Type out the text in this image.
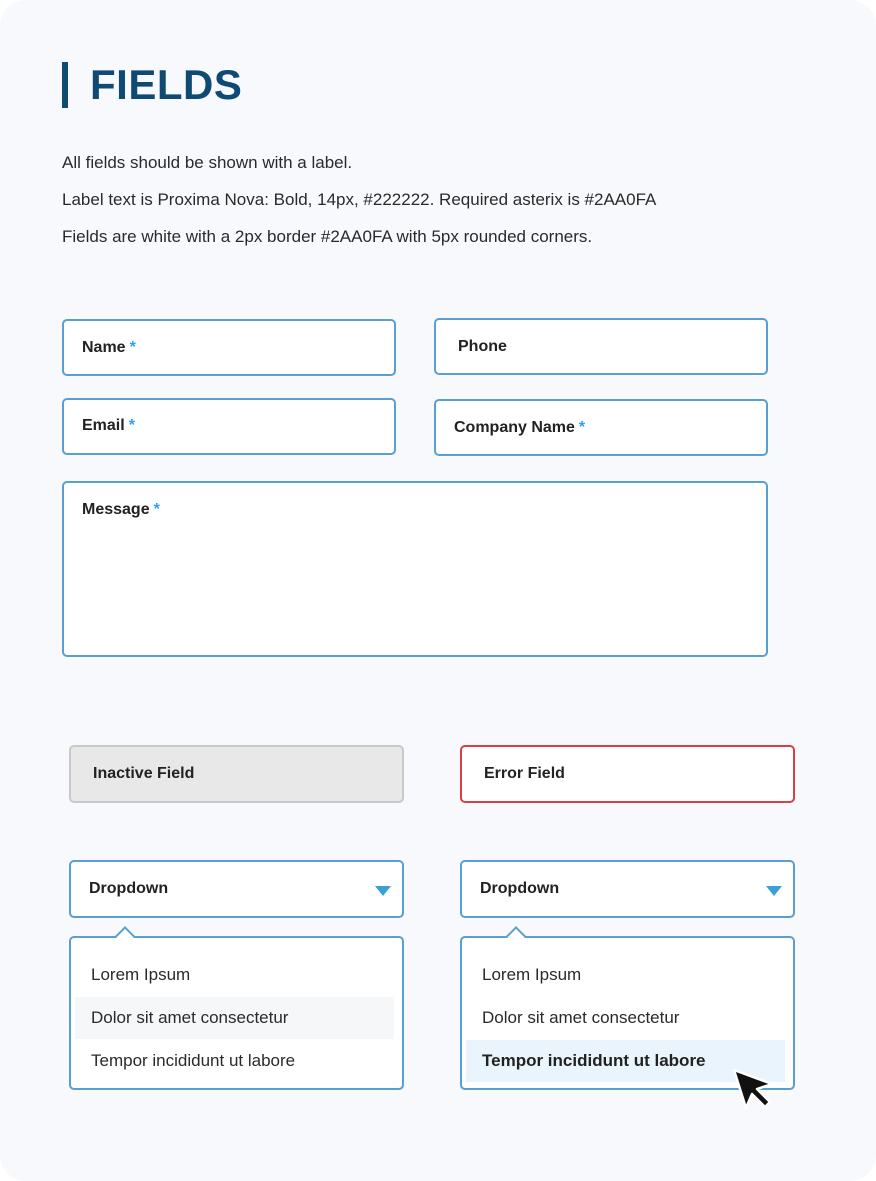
FIELDS
All fields should be shown with a label.
Label text is Proxima Nova: Bold, 14px, #222222. Required asterix is #2AA0FA
Fields are white with a 2px border #2AA0FA with 5px rounded corners.
Name *	Phone
Email *	Company Name *
Message *
Inactive Field	Error Field
Dropdown
Lorem Ipsum
Dolor sit amet consectetur
Tempor incididunt ut labore
Dropdown
Lorem Ipsum
Dolor sit amet consectetur
Tempor incididunt ut labore
